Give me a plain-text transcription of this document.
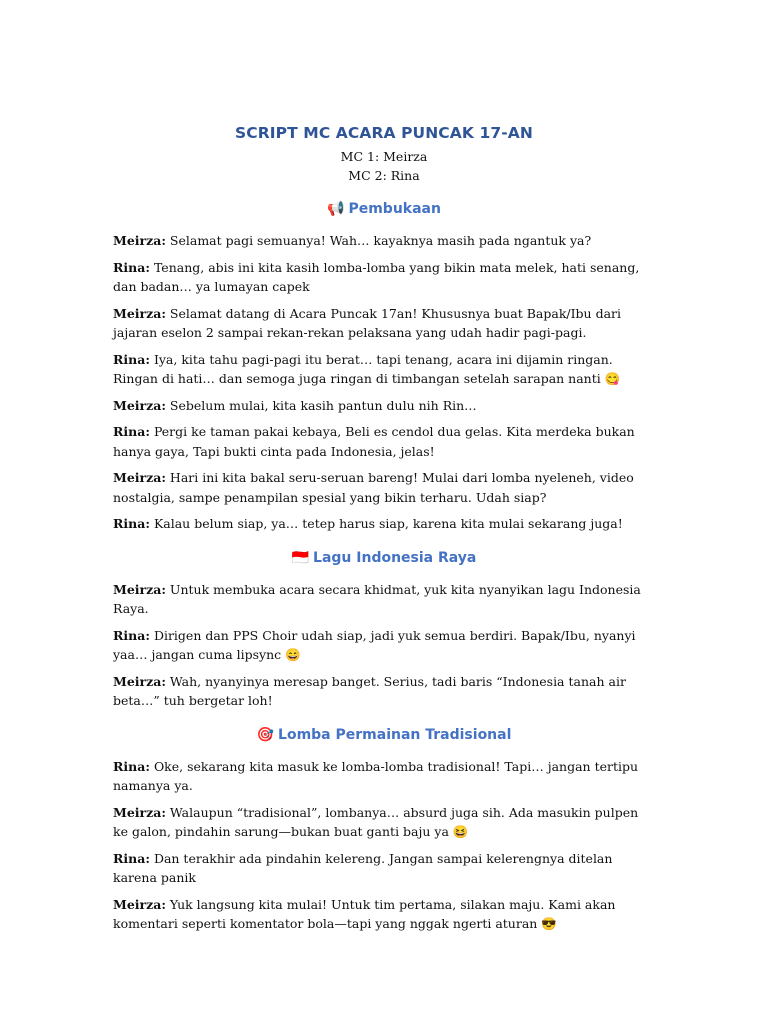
SCRIPT MC ACARA PUNCAK 17-AN

MC 1: Meirza

MC 2: Rina

📢 Pembukaan

Meirza: Selamat pagi semuanya! Wah… kayaknya masih pada ngantuk ya?

Rina: Tenang, abis ini kita kasih lomba-lomba yang bikin mata melek, hati senang, dan badan… ya lumayan capek

Meirza: Selamat datang di Acara Puncak 17an! Khususnya buat Bapak/Ibu dari jajaran eselon 2 sampai rekan-rekan pelaksana yang udah hadir pagi-pagi.

Rina: Iya, kita tahu pagi-pagi itu berat… tapi tenang, acara ini dijamin ringan. Ringan di hati… dan semoga juga ringan di timbangan setelah sarapan nanti 😋

Meirza: Sebelum mulai, kita kasih pantun dulu nih Rin…

Rina: Pergi ke taman pakai kebaya, Beli es cendol dua gelas. Kita merdeka bukan hanya gaya, Tapi bukti cinta pada Indonesia, jelas!

Meirza: Hari ini kita bakal seru-seruan bareng! Mulai dari lomba nyeleneh, video nostalgia, sampe penampilan spesial yang bikin terharu. Udah siap?

Rina: Kalau belum siap, ya… tetep harus siap, karena kita mulai sekarang juga!

🇮🇩 Lagu Indonesia Raya

Meirza: Untuk membuka acara secara khidmat, yuk kita nyanyikan lagu Indonesia Raya.

Rina: Dirigen dan PPS Choir udah siap, jadi yuk semua berdiri. Bapak/Ibu, nyanyi yaa… jangan cuma lipsync 😄

Meirza: Wah, nyanyinya meresap banget. Serius, tadi baris “Indonesia tanah air beta…” tuh bergetar loh!

🎯 Lomba Permainan Tradisional

Rina: Oke, sekarang kita masuk ke lomba-lomba tradisional! Tapi… jangan tertipu namanya ya.

Meirza: Walaupun “tradisional”, lombanya… absurd juga sih. Ada masukin pulpen ke galon, pindahin sarung—bukan buat ganti baju ya 😆

Rina: Dan terakhir ada pindahin kelereng. Jangan sampai kelerengnya ditelan karena panik

Meirza: Yuk langsung kita mulai! Untuk tim pertama, silakan maju. Kami akan komentari seperti komentator bola—tapi yang nggak ngerti aturan 😎
